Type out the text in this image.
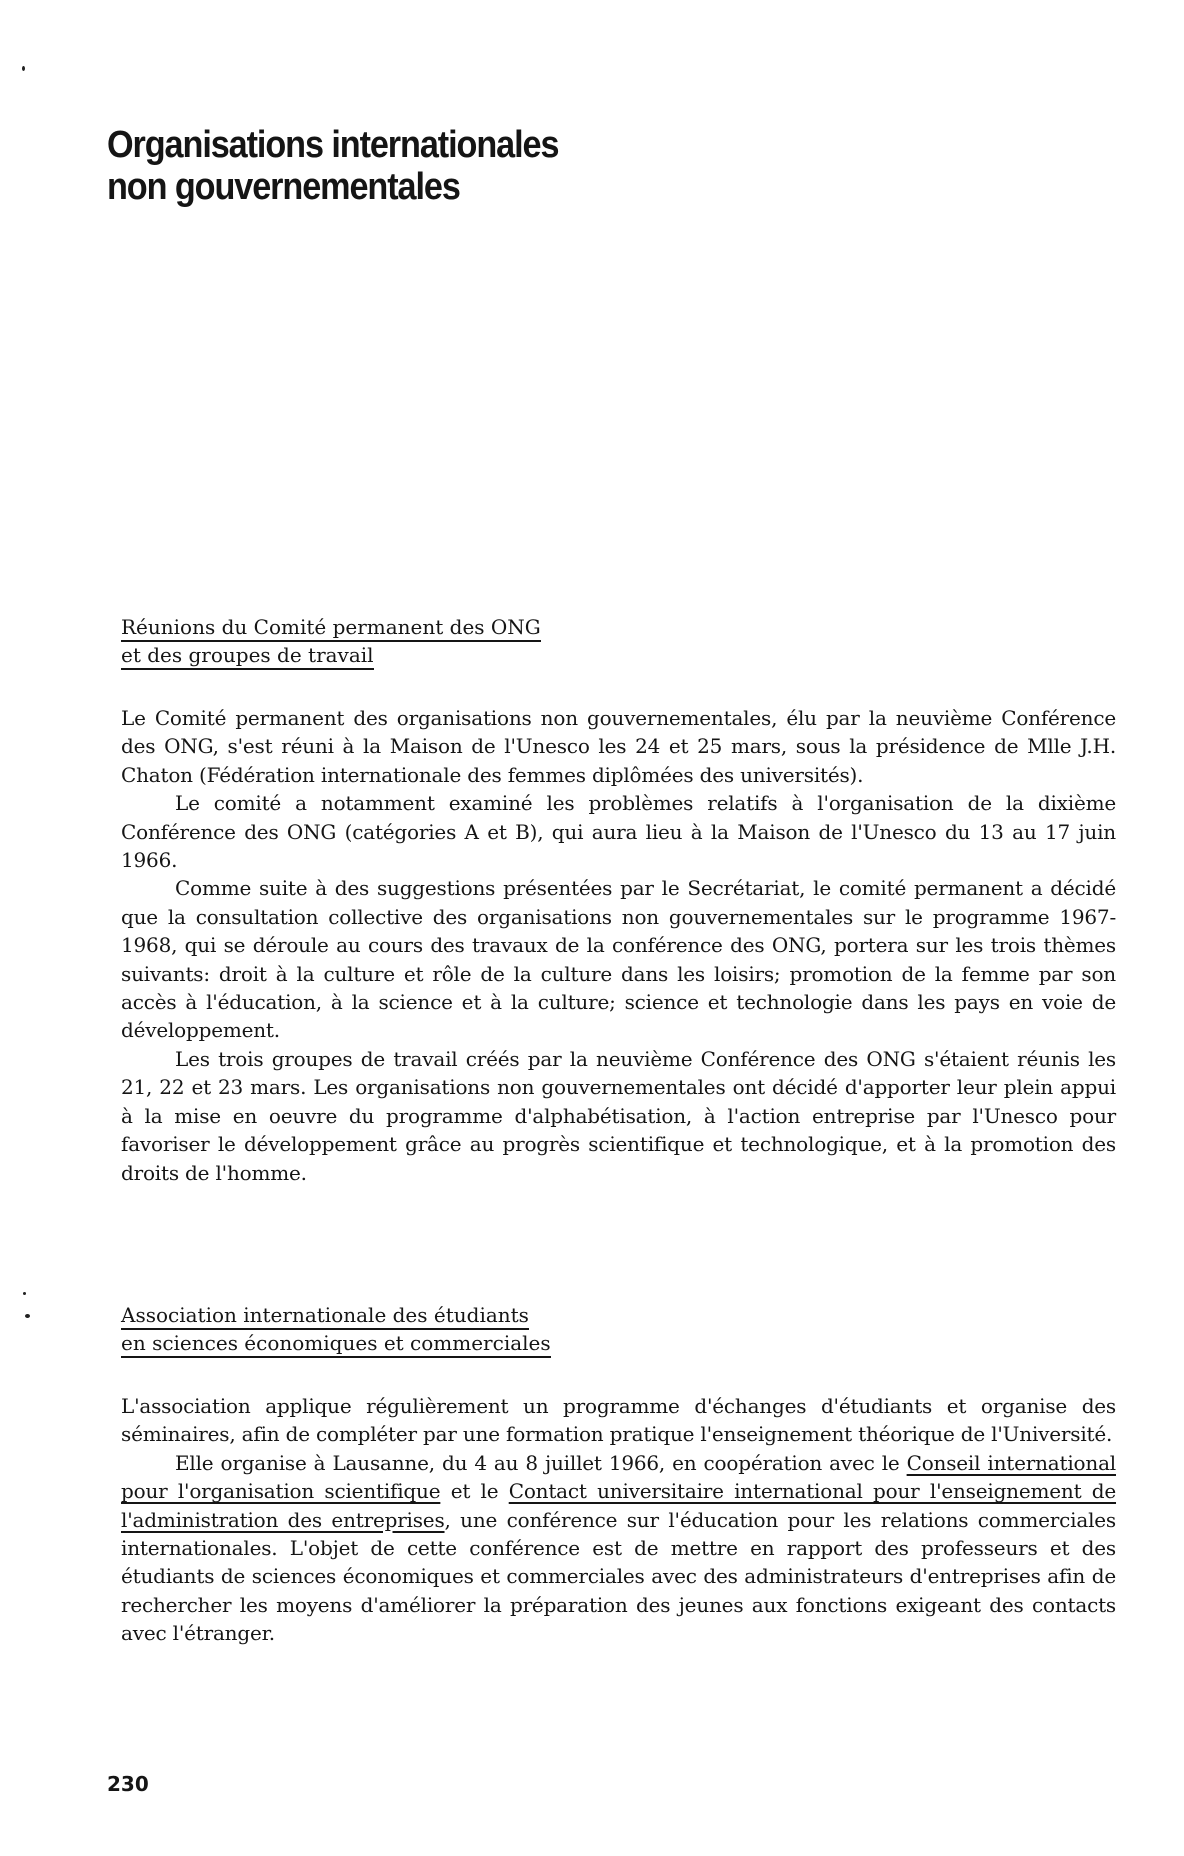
Organisations internationales
non gouvernementales
Réunions du Comité permanent des ONG
et des groupes de travail

Le Comité permanent des organisations non gouvernementales, élu par la neuvième Conférence des ONG, s'est réuni à la Maison de l'Unesco les 24 et 25 mars, sous la présidence de Mlle J.H. Chaton (Fédération internationale des femmes diplômées des universités).

Le comité a notamment examiné les problèmes relatifs à l'organisation de la dixième Conférence des ONG (catégories A et B), qui aura lieu à la Maison de l'Unesco du 13 au 17 juin 1966.

Comme suite à des suggestions présentées par le Secrétariat, le comité permanent a décidé que la consultation collective des organisations non gouvernementales sur le programme 1967-1968, qui se déroule au cours des travaux de la conférence des ONG, portera sur les trois thèmes suivants: droit à la culture et rôle de la culture dans les loisirs; promotion de la femme par son accès à l'éducation, à la science et à la culture; science et technologie dans les pays en voie de développement.

Les trois groupes de travail créés par la neuvième Conférence des ONG s'étaient réunis les 21, 22 et 23 mars. Les organisations non gouvernementales ont décidé d'apporter leur plein appui à la mise en oeuvre du programme d'alphabétisation, à l'action entreprise par l'Unesco pour favoriser le développement grâce au progrès scientifique et technologique, et à la promotion des droits de l'homme.

Association internationale des étudiants
en sciences économiques et commerciales

L'association applique régulièrement un programme d'échanges d'étudiants et organise des séminaires, afin de compléter par une formation pratique l'enseignement théorique de l'Université.

Elle organise à Lausanne, du 4 au 8 juillet 1966, en coopération avec le Conseil international pour l'organisation scientifique et le Contact universitaire international pour l'enseignement de l'administration des entreprises, une conférence sur l'éducation pour les relations commerciales internationales. L'objet de cette conférence est de mettre en rapport des professeurs et des étudiants de sciences économiques et commerciales avec des administrateurs d'entreprises afin de rechercher les moyens d'améliorer la préparation des jeunes aux fonctions exigeant des contacts avec l'étranger.

230
